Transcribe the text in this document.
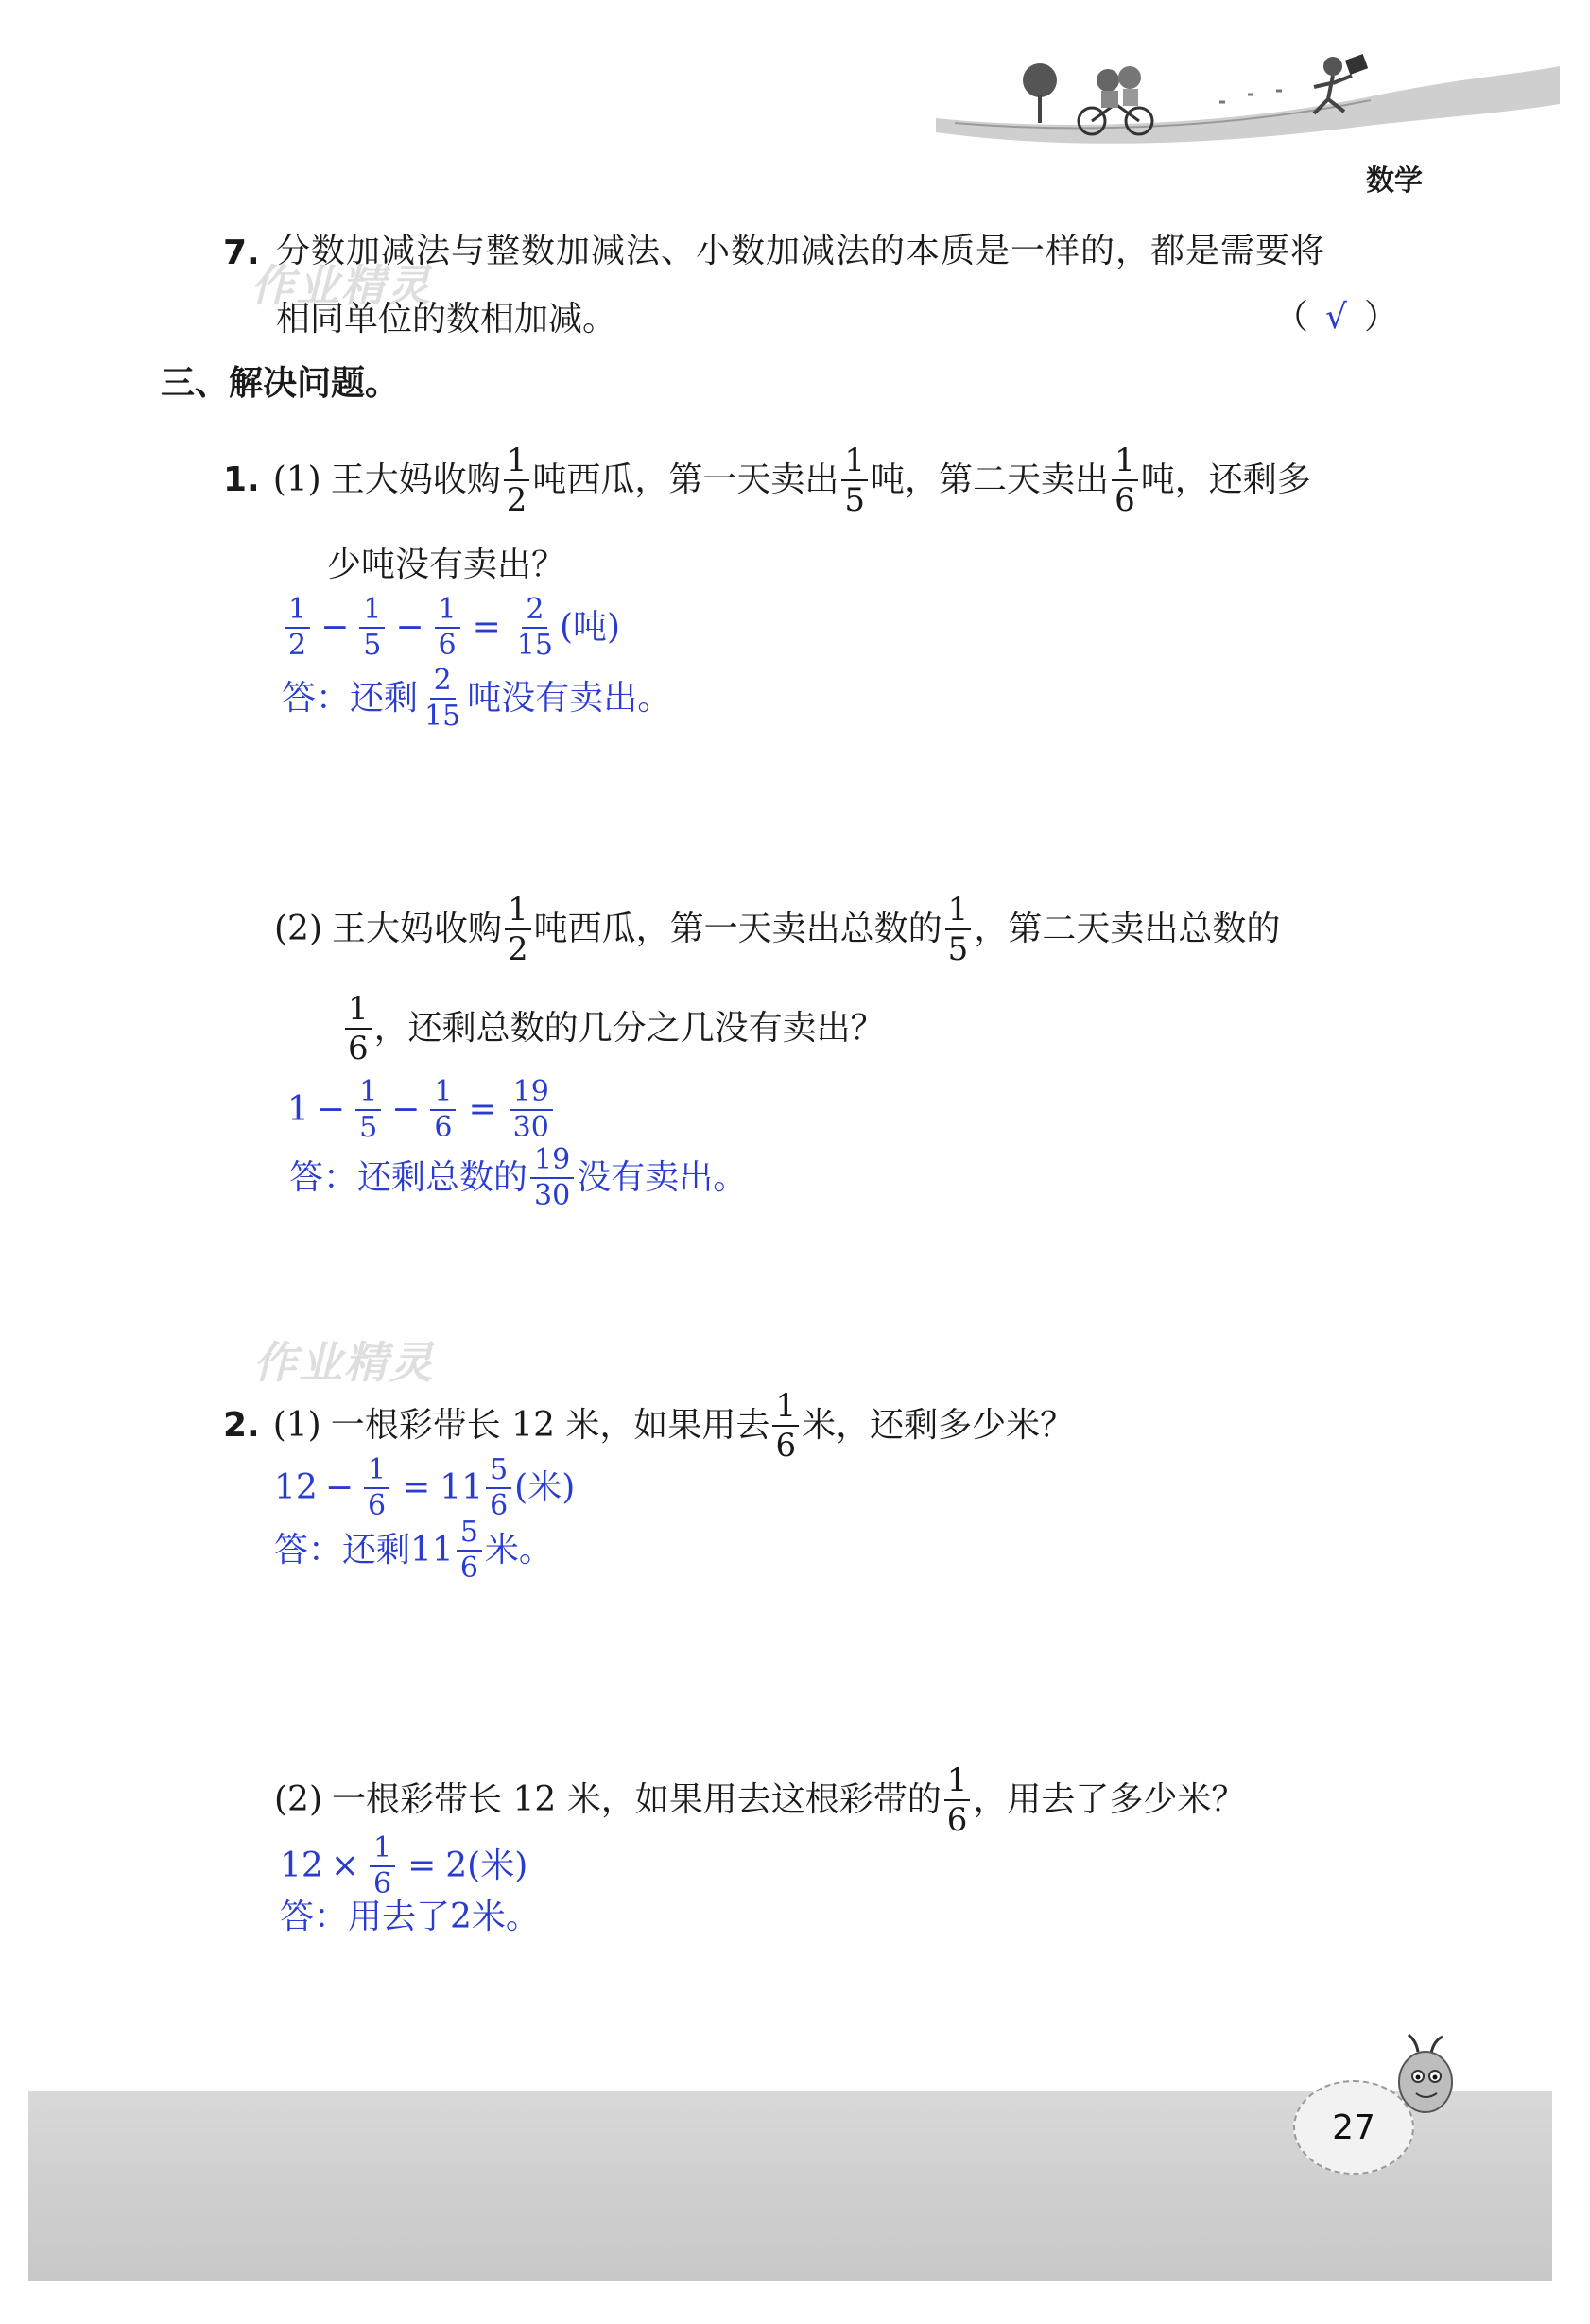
数学
作业精灵
作业精灵
7. 分数加减法与整数加减法、小数加减法的本质是一样的，都是需要将
相同单位的数相加减。	（ √ ）
三、解决问题。
1. (1) 王大妈收购 $\frac{1}{2}$ 吨西瓜，第一天卖出 $\frac{1}{5}$ 吨，第二天卖出 $\frac{1}{6}$ 吨，还剩多
少吨没有卖出？
$\frac{1}{2} - \frac{1}{5} - \frac{1}{6} = \frac{2}{15}$ (吨)
答：还剩 $\frac{2}{15}$ 吨没有卖出。
(2) 王大妈收购 $\frac{1}{2}$ 吨西瓜，第一天卖出总数的 $\frac{1}{5}$ ，第二天卖出总数的
$\frac{1}{6}$ ，还剩总数的几分之几没有卖出？
$1 - \frac{1}{5} - \frac{1}{6} = \frac{19}{30}$
答：还剩总数的 $\frac{19}{30}$ 没有卖出。
2. (1) 一根彩带长 12 米，如果用去 $\frac{1}{6}$ 米，还剩多少米？
$12 - \frac{1}{6} = 11 \frac{5}{6}$ (米)
答：还剩 $11 \frac{5}{6}$ 米。
(2) 一根彩带长 12 米，如果用去这根彩带的 $\frac{1}{6}$ ，用去了多少米？
$12 \times \frac{1}{6} = 2$(米)
答：用去了2米。
27
